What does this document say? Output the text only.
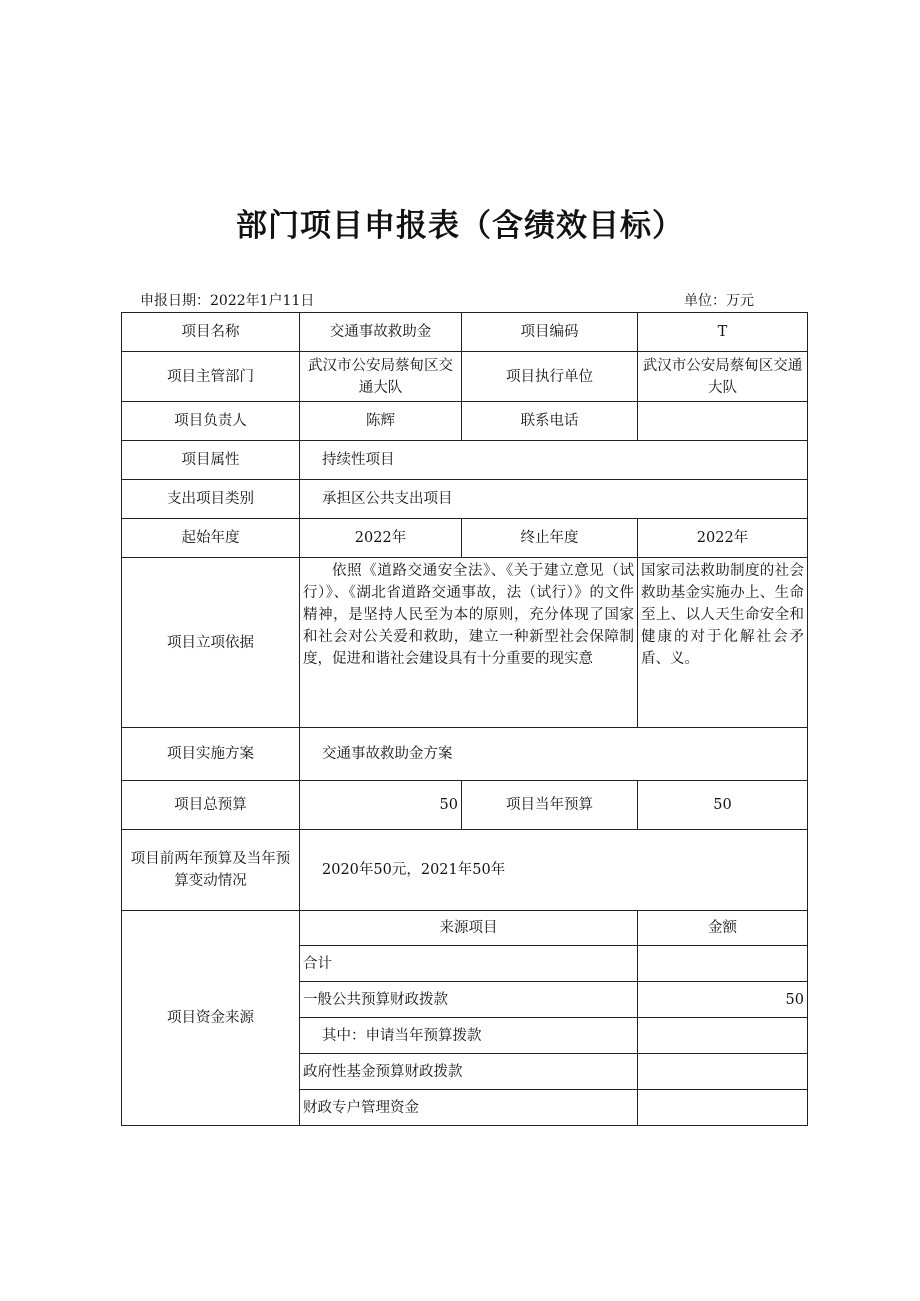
部门项目申报表（含绩效目标）
申报日期：2022年1户11日	单位：万元
项目名称	交通事故救助金	项目编码	T
项目主管部门	武汉市公安局蔡甸区交通大队	项目执行单位	武汉市公安局蔡甸区交通大队
项目负责人	陈辉	联系电话	
项目属性	持续性项目		
支出项目类别	承担区公共支出项目		
起始年度	2022年	终止年度	2022年
项目立项依据	依照《道路交通安全法》、《关于建立意见（试行）》、《湖北省道路交通事故，法（试行）》的文件精神，是坚持人民至为本的原则，充分体现了国家和社会对公关爱和救助，建立一种新型社会保障制度，促进和谐社会建设具有十分重要的现实意		国家司法救助制度的社会救助基金实施办上、生命至上、以人天生命安全和健康的对于化解社会矛盾、义。
项目实施方案	交通事故救助金方案		
项目总预算	50	项目当年预算	50
项目前两年预算及当年预算变动情况	2020年50元，2021年50年		
项目资金来源	来源项目		金额
	合计		
	一般公共预算财政拨款		50
	其中：申请当年预算拨款		
	政府性基金预算财政拨款		
	财政专户管理资金		
